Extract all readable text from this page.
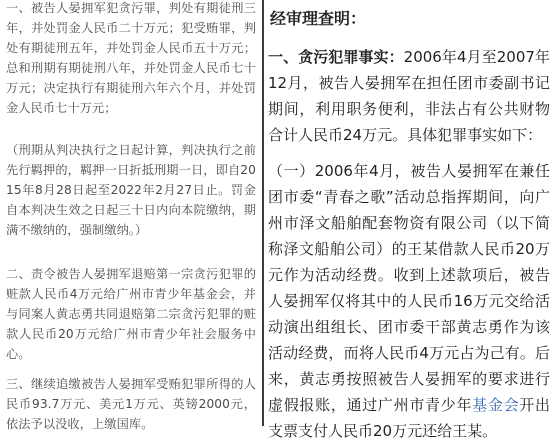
一、被告人晏拥军犯贪污罪，判处有期徒刑三年，并处罚金人民币二十万元；犯受贿罪，判处有期徒刑五年，并处罚金人民币五十万元；总和刑期有期徒刑八年，并处罚金人民币七十万元；决定执行有期徒刑六年六个月，并处罚金人民币七十万元；

（刑期从判决执行之日起计算，判决执行之前先行羁押的，羁押一日折抵刑期一日，即自2015年8月28日起至2022年2月27日止。罚金自本判决生效之日起三十日内向本院缴纳，期满不缴纳的，强制缴纳。）

二、责令被告人晏拥军退赔第一宗贪污犯罪的赃款人民币4万元给广州市青少年基金会，并与同案人黄志勇共同退赔第二宗贪污犯罪的赃款人民币20万元给广州市青少年社会服务中心。

三、继续追缴被告人晏拥军受贿犯罪所得的人民币93.7万元、美元1万元、英镑2000元，依法予以没收，上缴国库。

经审理查明：

一、贪污犯罪事实：2006年4月至2007年12月，被告人晏拥军在担任团市委副书记期间，利用职务便利，非法占有公共财物合计人民币24万元。具体犯罪事实如下：

（一）2006年4月，被告人晏拥军在兼任团市委“青春之歌”活动总指挥期间，向广州市泽文船舶配套物资有限公司（以下简称泽文船舶公司）的王某借款人民币20万元作为活动经费。收到上述款项后，被告人晏拥军仅将其中的人民币16万元交给活动演出组组长、团市委干部黄志勇作为该活动经费，而将人民币4万元占为己有。后来，黄志勇按照被告人晏拥军的要求进行虚假报账，通过广州市青少年基金会开出支票支付人民币20万元还给王某。
